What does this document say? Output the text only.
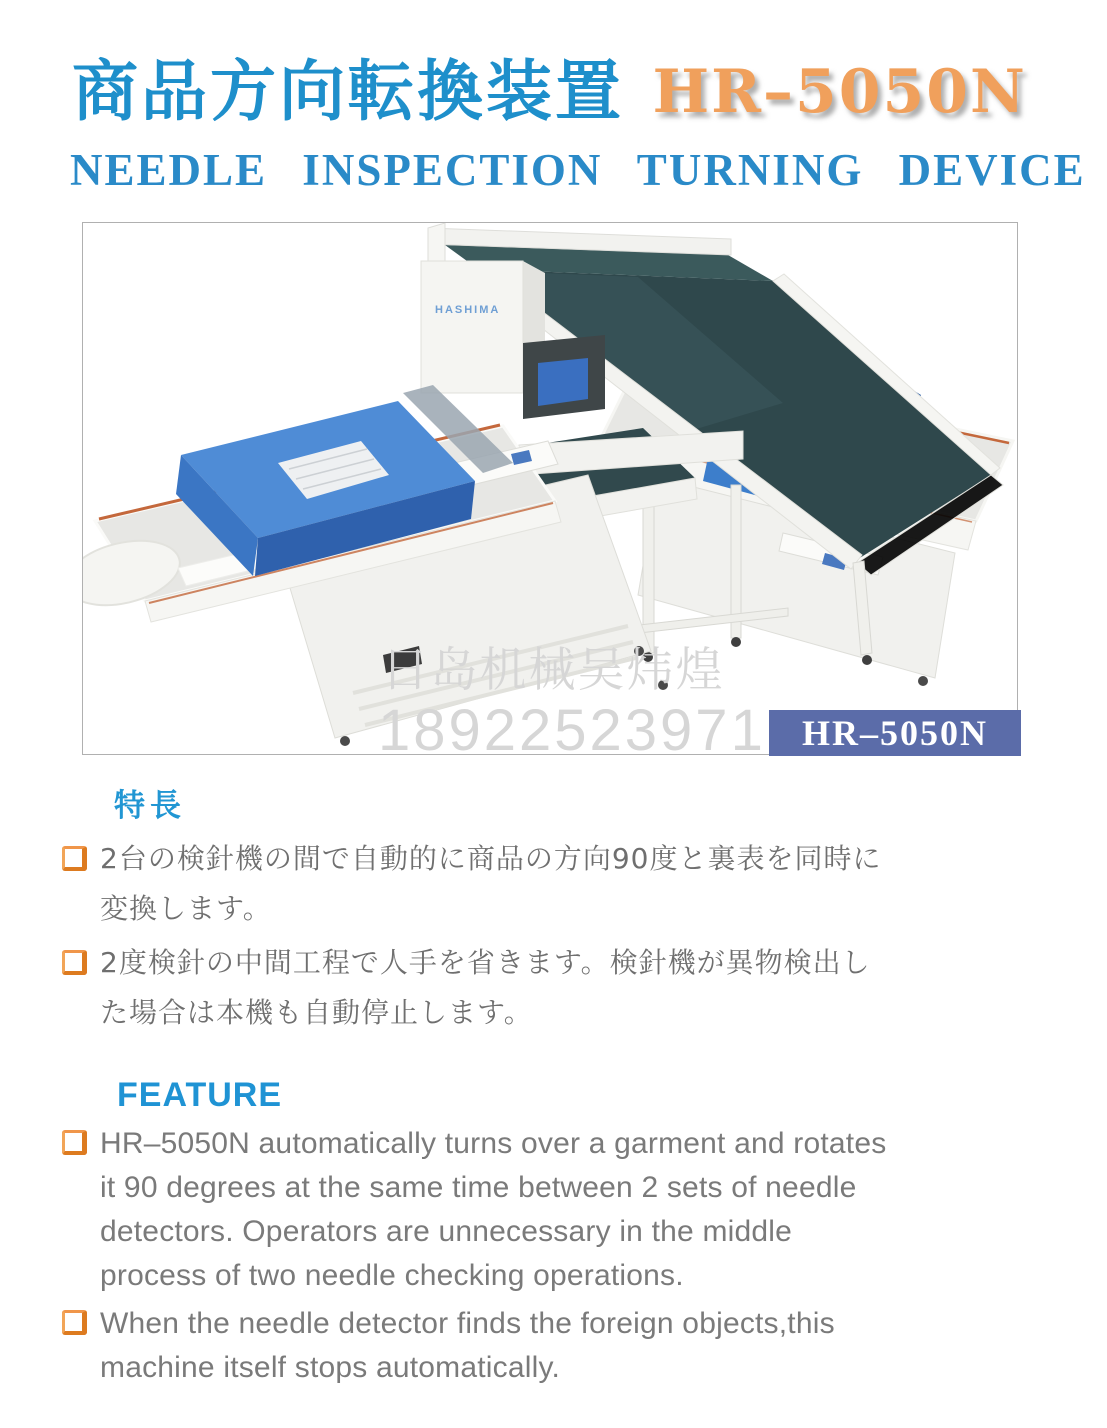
商品方向転換装置 HR–5050N
NEEDLE INSPECTION TURNING DEVICE
HASHIMA
日岛机械吴炜煌
18922523971	HR–5050N
特長
2台の検針機の間で自動的に商品の方向90度と裏表を同時に
変換します。
2度検針の中間工程で人手を省きます。検針機が異物検出し
た場合は本機も自動停止します。
FEATURE
HR–5050N automatically turns over a garment and rotates
it 90 degrees at the same time between 2 sets of needle
detectors. Operators are unnecessary in the middle
process of two needle checking operations.
When the needle detector finds the foreign objects,this
machine itself stops automatically.
